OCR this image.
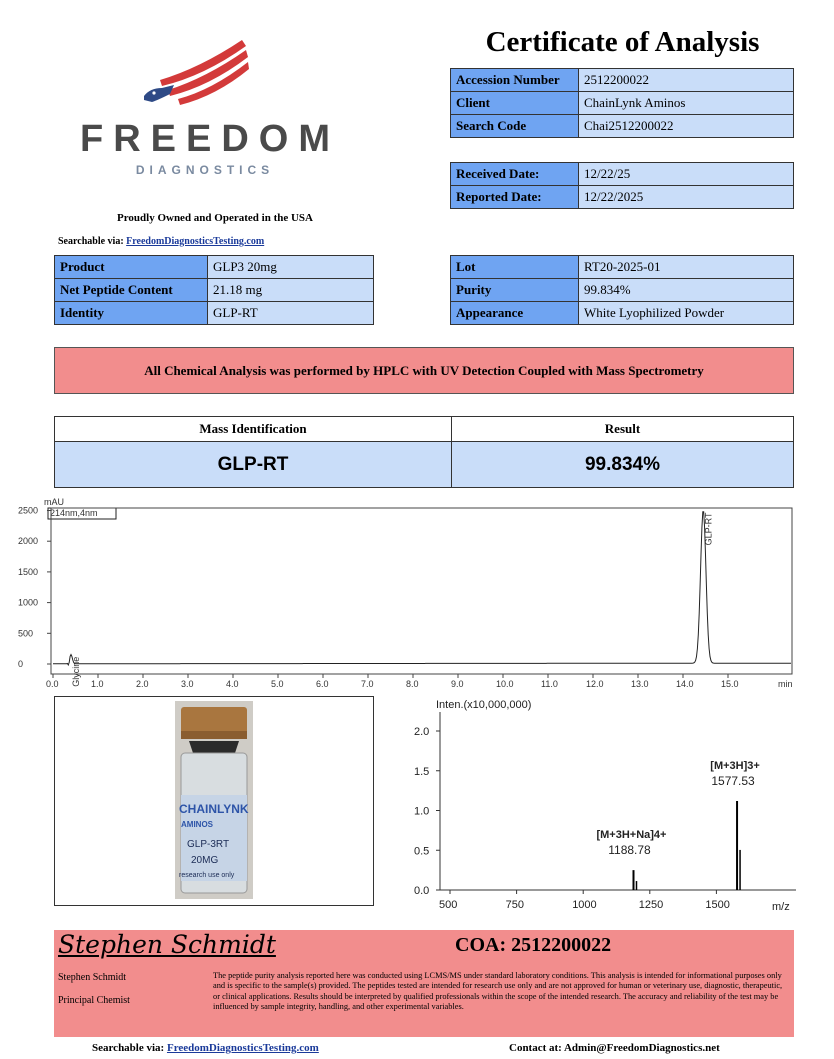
FREEDOM
DIAGNOSTICS
Proudly Owned and Operated in the USA
Searchable via: FreedomDiagnosticsTesting.com
Certificate of Analysis
Accession Number	2512200022
Client	ChainLynk Aminos
Search Code	Chai2512200022
Received Date:	12/22/25
Reported Date:	12/22/2025
Product	GLP3 20mg
Net Peptide Content	21.18 mg
Identity	GLP-RT
Lot	RT20-2025-01
Purity	99.834%
Appearance	White Lyophilized Powder
All Chemical Analysis was performed by HPLC with UV Detection Coupled with Mass Spectrometry
Mass Identification	Result
GLP-RT	99.834%
mAU
214nm,4nm
2500
2000
1500
1000
500
0
0.0	1.0	2.0	3.0	4.0	5.0	6.0	7.0	8.0	9.0	10.0	11.0	12.0	13.0	14.0	15.0
Glycine
GLP-RT
min
CHAINLYNK
AMINOS
GLP-3RT
20MG
research use only
Inten.(x10,000,000)
2.0
1.5
1.0
0.5
0.0
500	750	1000	1250	1500
[M+3H+Na]4+
1188.78
[M+3H]3+
1577.53
m/z
Stephen Schmidt	COA: 2512200022
Stephen Schmidt
Principal Chemist
The peptide purity analysis reported here was conducted using LCMS/MS under standard laboratory conditions. This analysis is intended for informational purposes only and is specific to the sample(s) provided. The peptides tested are intended for research use only and are not approved for human or veterinary use, diagnostic, therapeutic, or clinical applications. Results should be interpreted by qualified professionals within the scope of the intended research. The accuracy and reliability of the test may be influenced by sample integrity, handling, and other experimental variables.
Searchable via: FreedomDiagnosticsTesting.com	Contact at: Admin@FreedomDiagnostics.net
